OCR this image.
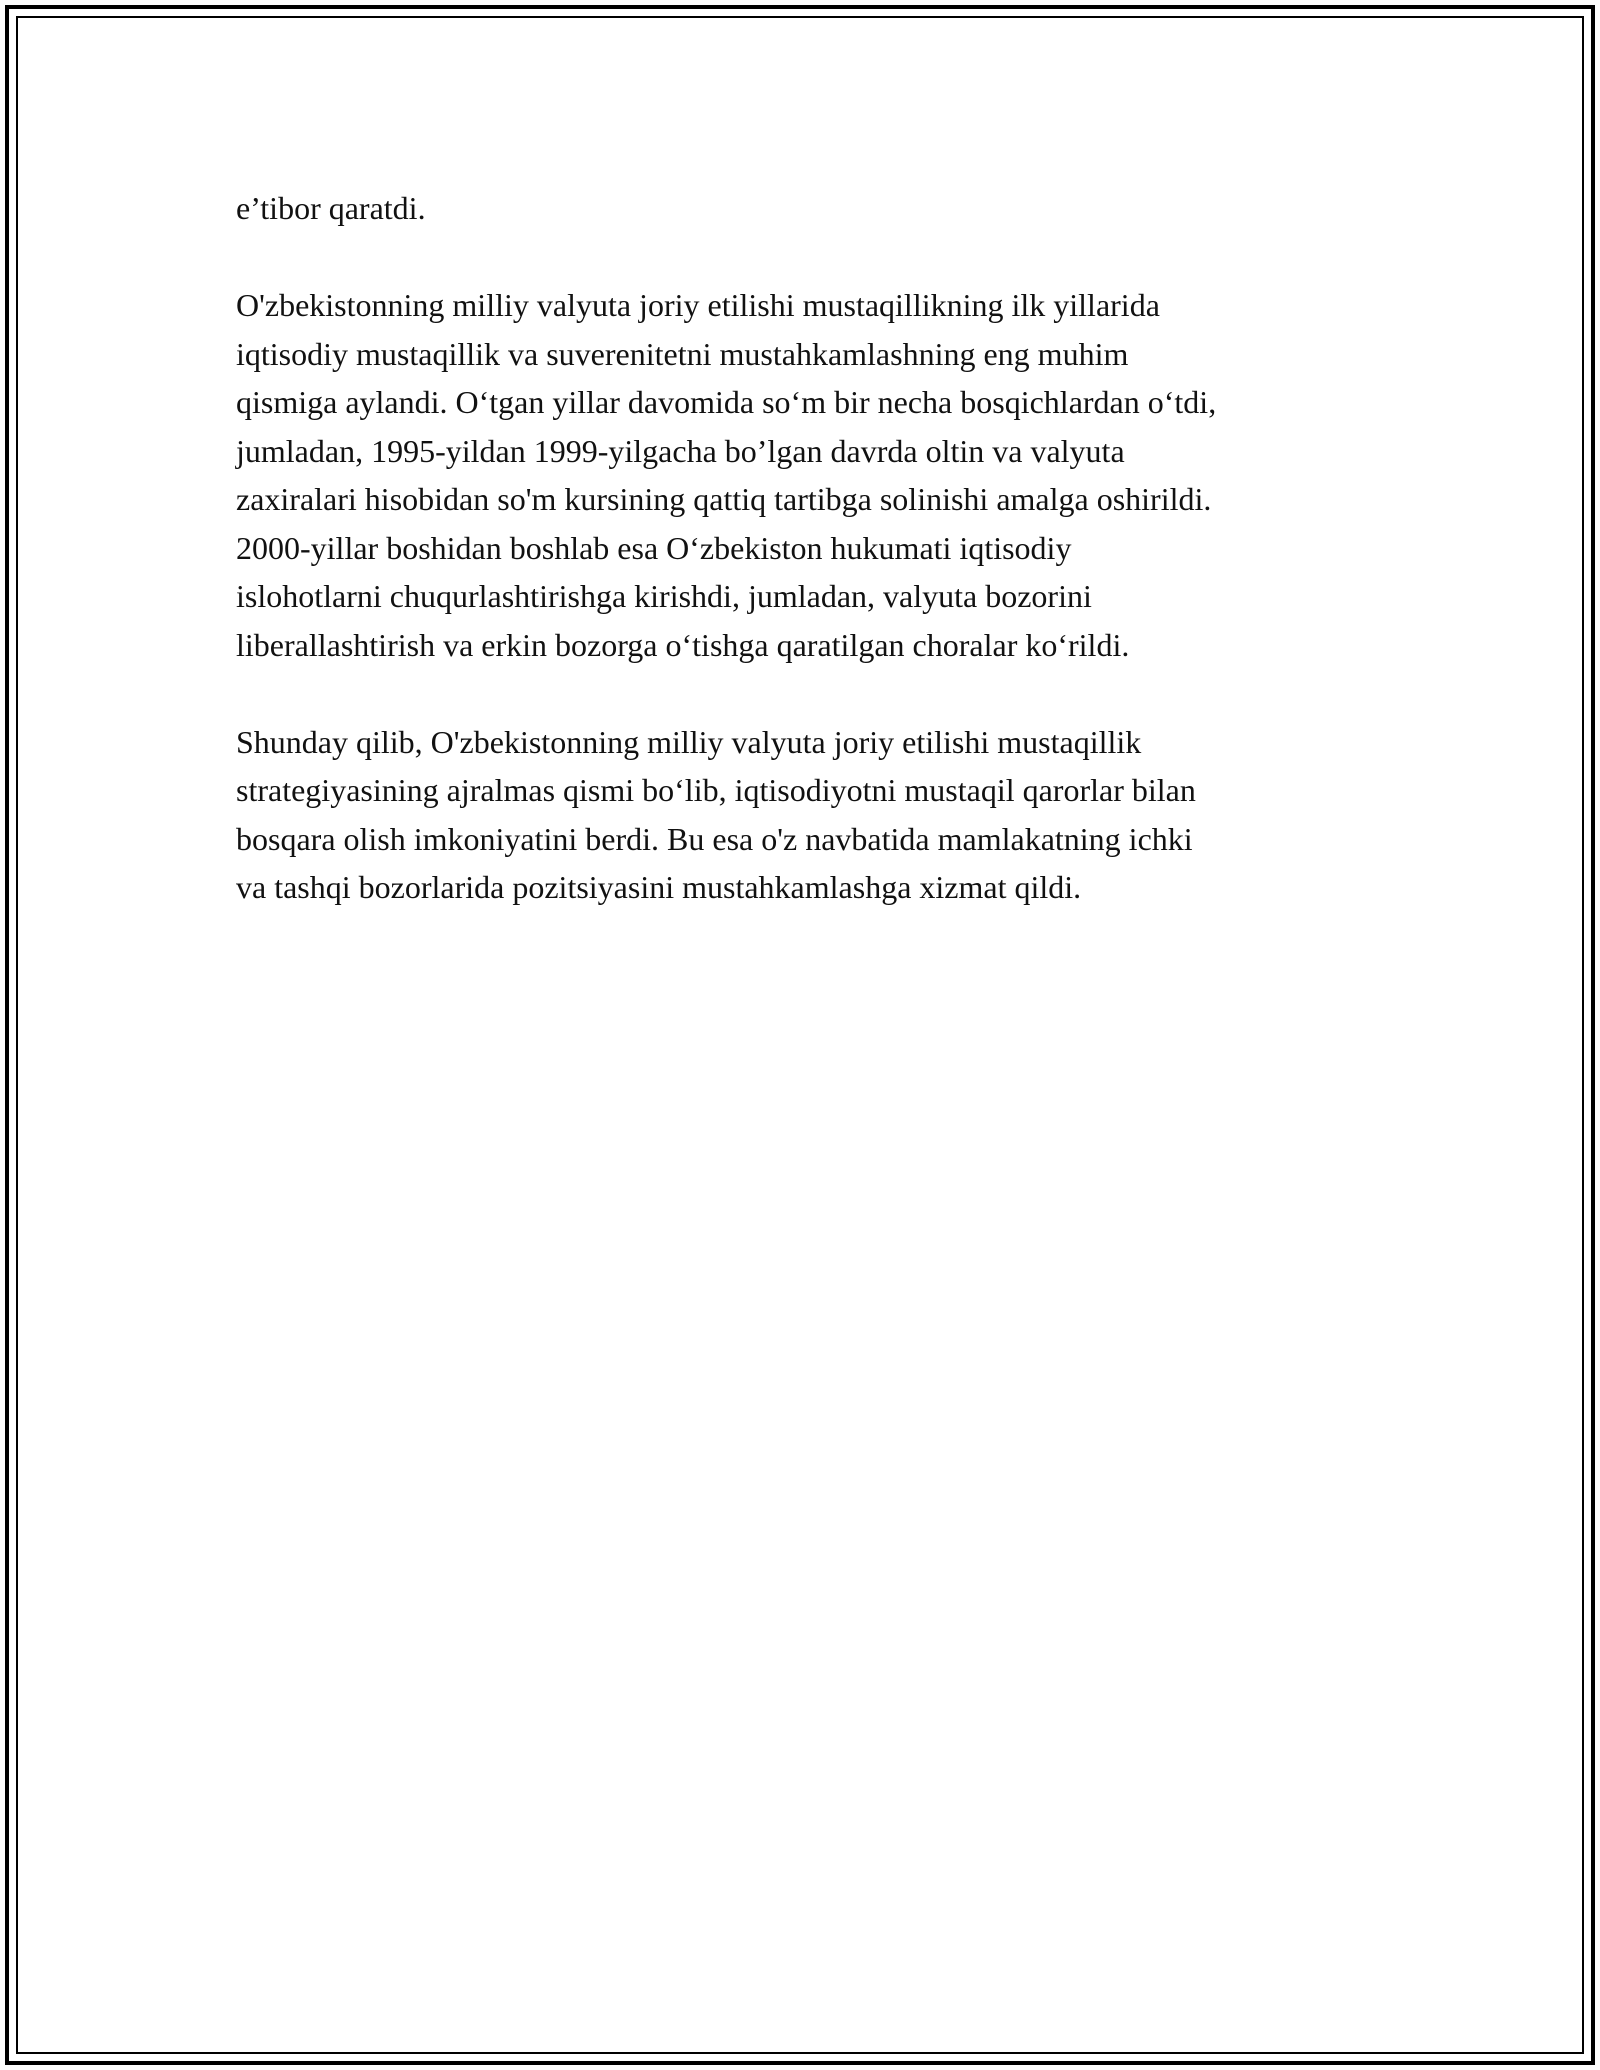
e’tibor qaratdi.

O'zbekistonning milliy valyuta joriy etilishi mustaqillikning ilk yillarida
iqtisodiy mustaqillik va suverenitetni mustahkamlashning eng muhim
qismiga aylandi. O‘tgan yillar davomida so‘m bir necha bosqichlardan o‘tdi,
jumladan, 1995-yildan 1999-yilgacha bo’lgan davrda oltin va valyuta
zaxiralari hisobidan so'm kursining qattiq tartibga solinishi amalga oshirildi.
2000-yillar boshidan boshlab esa O‘zbekiston hukumati iqtisodiy
islohotlarni chuqurlashtirishga kirishdi, jumladan, valyuta bozorini
liberallashtirish va erkin bozorga o‘tishga qaratilgan choralar ko‘rildi.

Shunday qilib, O'zbekistonning milliy valyuta joriy etilishi mustaqillik
strategiyasining ajralmas qismi bo‘lib, iqtisodiyotni mustaqil qarorlar bilan
bosqara olish imkoniyatini berdi. Bu esa o'z navbatida mamlakatning ichki
va tashqi bozorlarida pozitsiyasini mustahkamlashga xizmat qildi.
